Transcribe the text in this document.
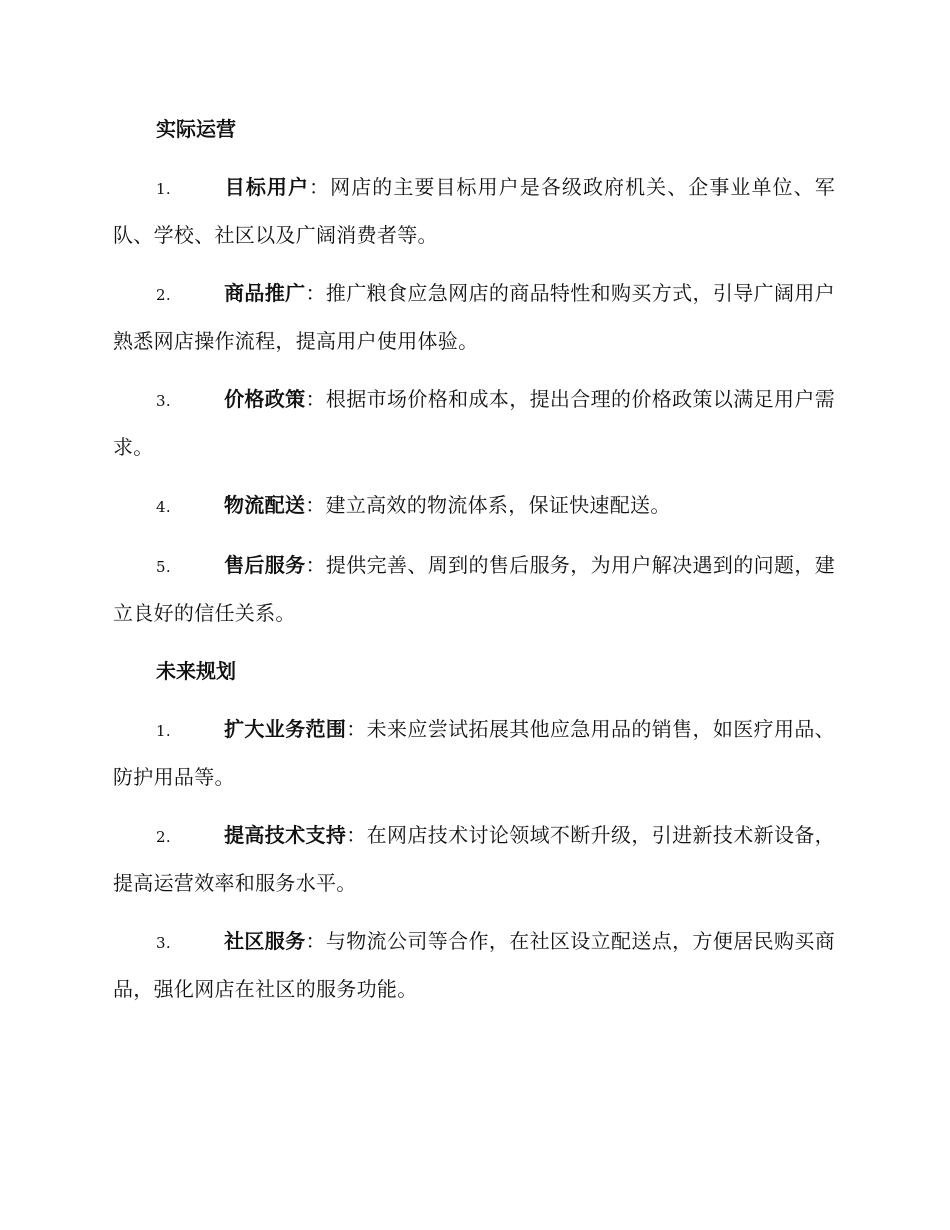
实际运营

1.	目标用户：网店的主要目标用户是各级政府机关、企事业单位、军队、学校、社区以及广阔消费者等。

2.	商品推广：推广粮食应急网店的商品特性和购买方式，引导广阔用户熟悉网店操作流程，提高用户使用体验。

3.	价格政策：根据市场价格和成本，提出合理的价格政策以满足用户需求。

4.	物流配送：建立高效的物流体系，保证快速配送。

5.	售后服务：提供完善、周到的售后服务，为用户解决遇到的问题，建立良好的信任关系。

未来规划

1.	扩大业务范围：未来应尝试拓展其他应急用品的销售，如医疗用品、防护用品等。

2.	提高技术支持：在网店技术讨论领域不断升级，引进新技术新设备，提高运营效率和服务水平。

3.	社区服务：与物流公司等合作，在社区设立配送点，方便居民购买商品，强化网店在社区的服务功能。
